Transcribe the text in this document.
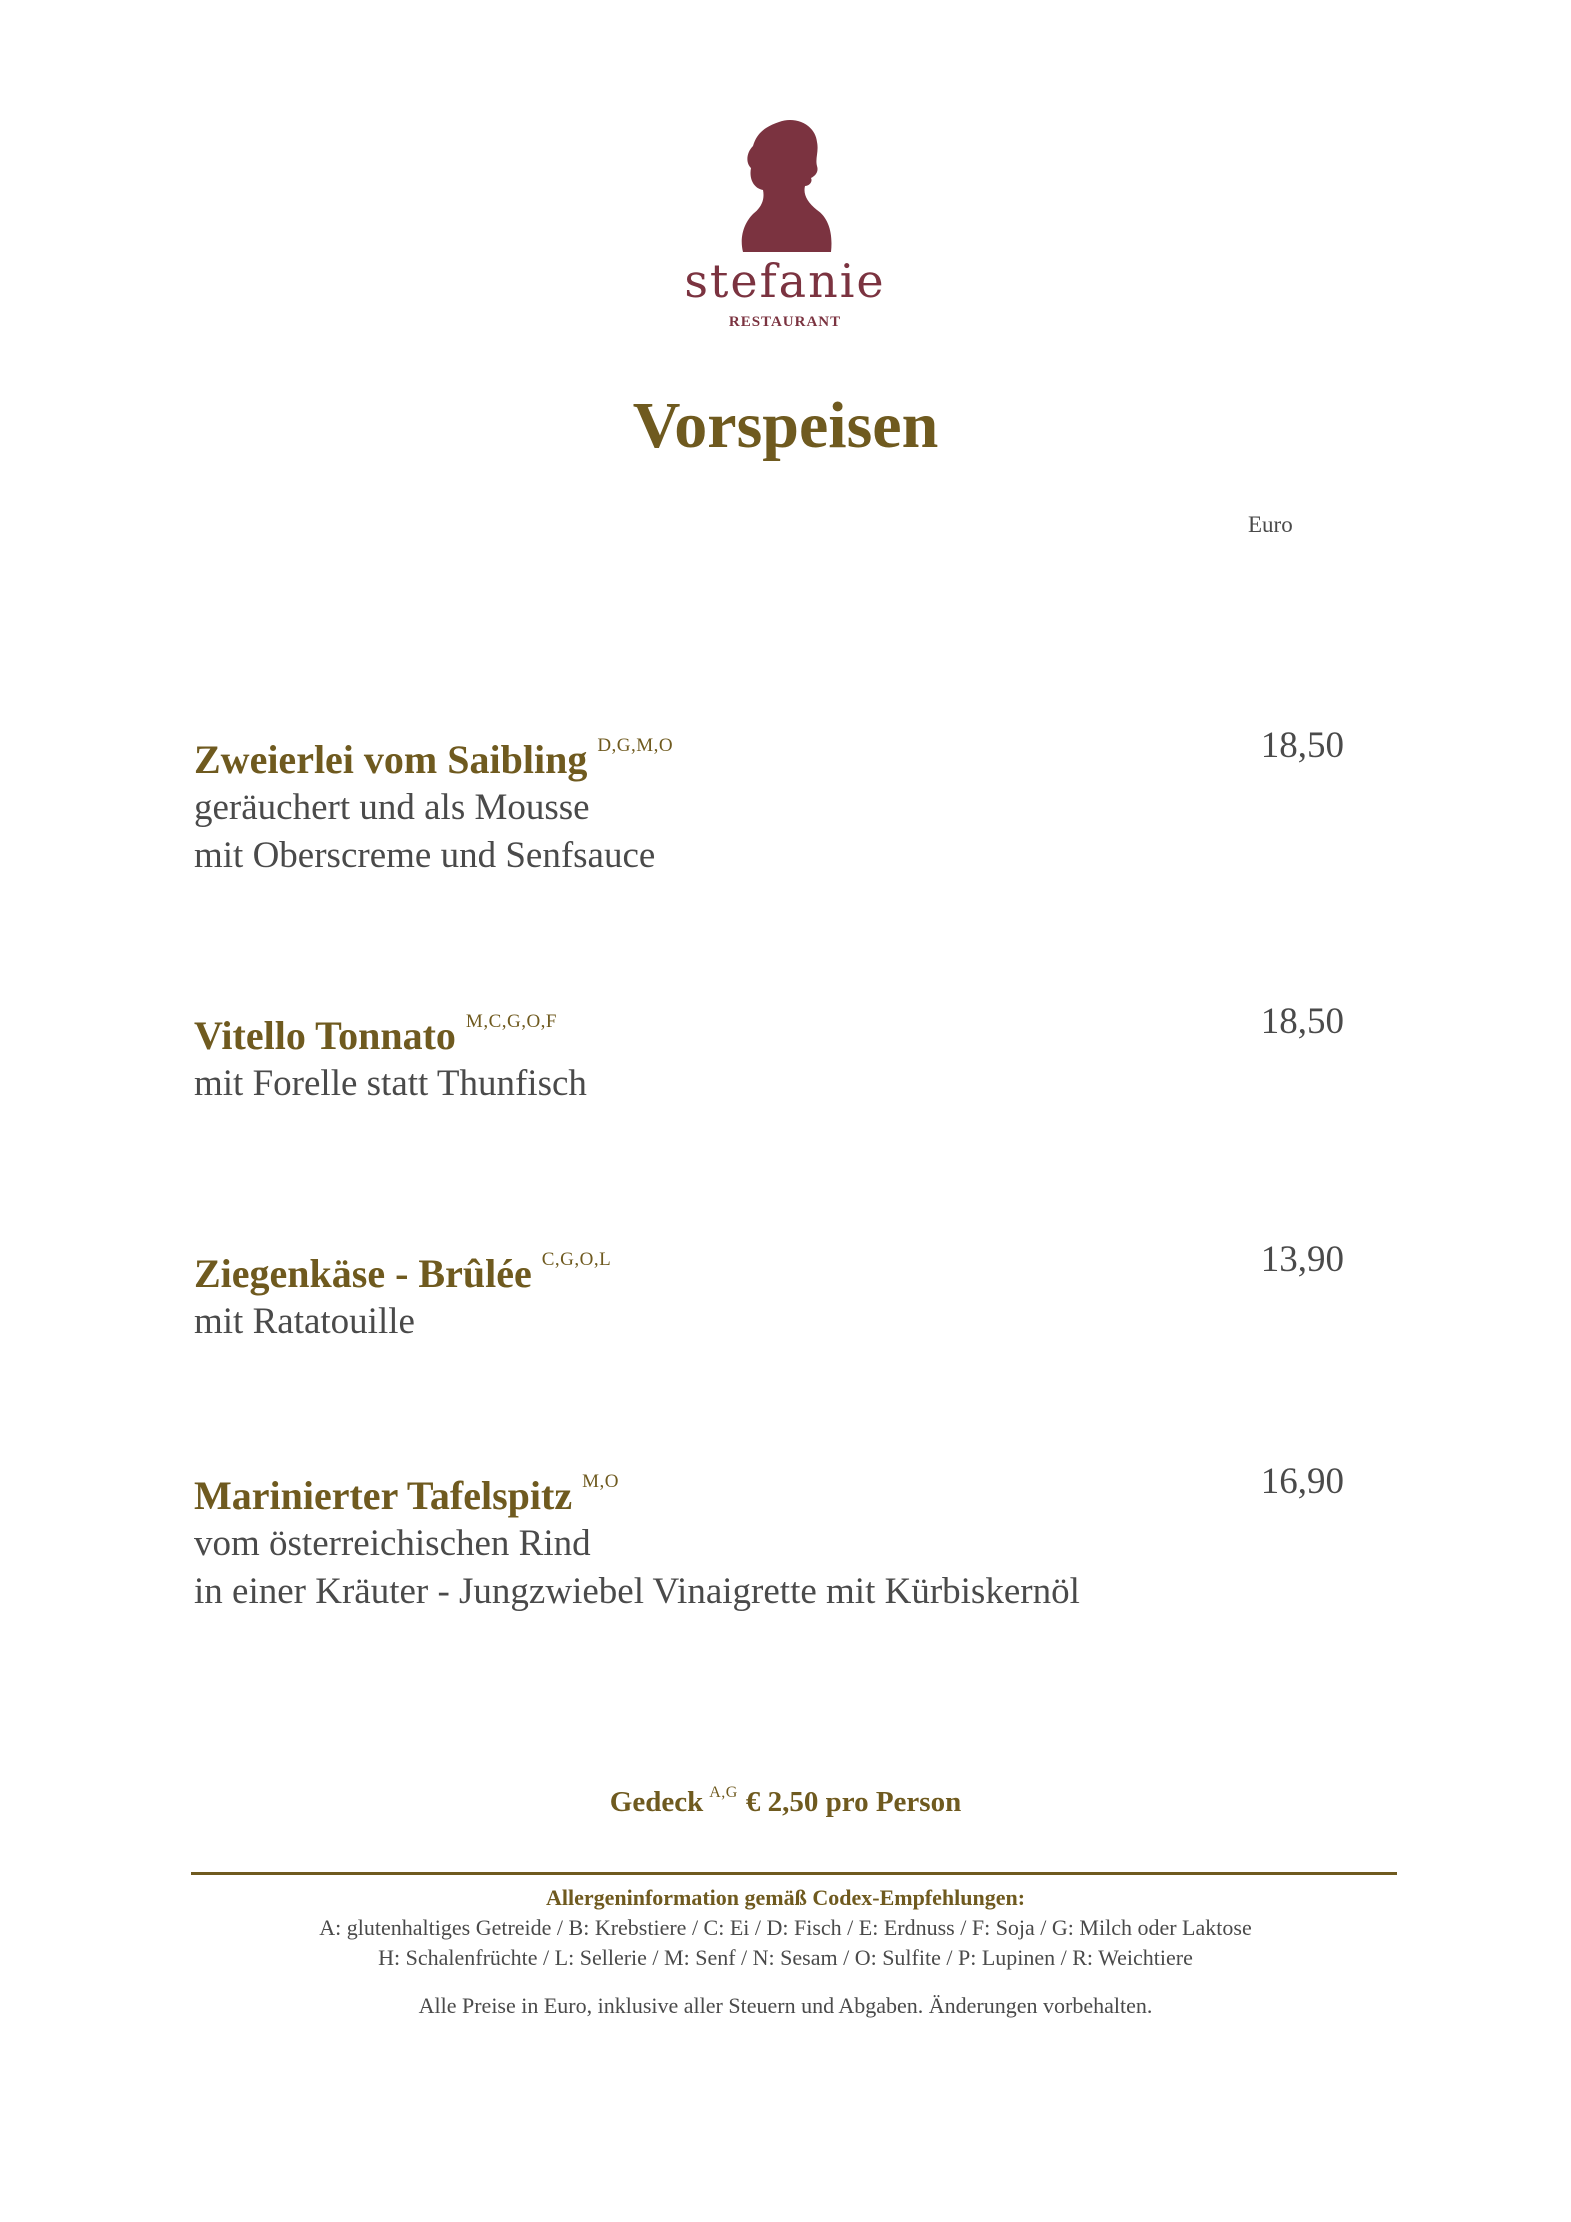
stefanie
RESTAURANT
Vorspeisen
Euro
Zweierlei vom Saibling $^{D,G,M,O}$
geräuchert und als Mousse
mit Oberscreme und Senfsauce
18,50
Vitello Tonnato $^{M,C,G,O,F}$
mit Forelle statt Thunfisch
18,50
Ziegenkäse - Brûlée $^{C,G,O,L}$
mit Ratatouille
13,90
Marinierter Tafelspitz $^{M,O}$
vom österreichischen Rind
in einer Kräuter - Jungzwiebel Vinaigrette mit Kürbiskernöl
16,90
Gedeck $^{A,G}$ € 2,50 pro Person
Allergeninformation gemäß Codex-Empfehlungen:
A: glutenhaltiges Getreide / B: Krebstiere / C: Ei / D: Fisch / E: Erdnuss / F: Soja / G: Milch oder Laktose
H: Schalenfrüchte / L: Sellerie / M: Senf / N: Sesam / O: Sulfite / P: Lupinen / R: Weichtiere
Alle Preise in Euro, inklusive aller Steuern und Abgaben. Änderungen vorbehalten.
